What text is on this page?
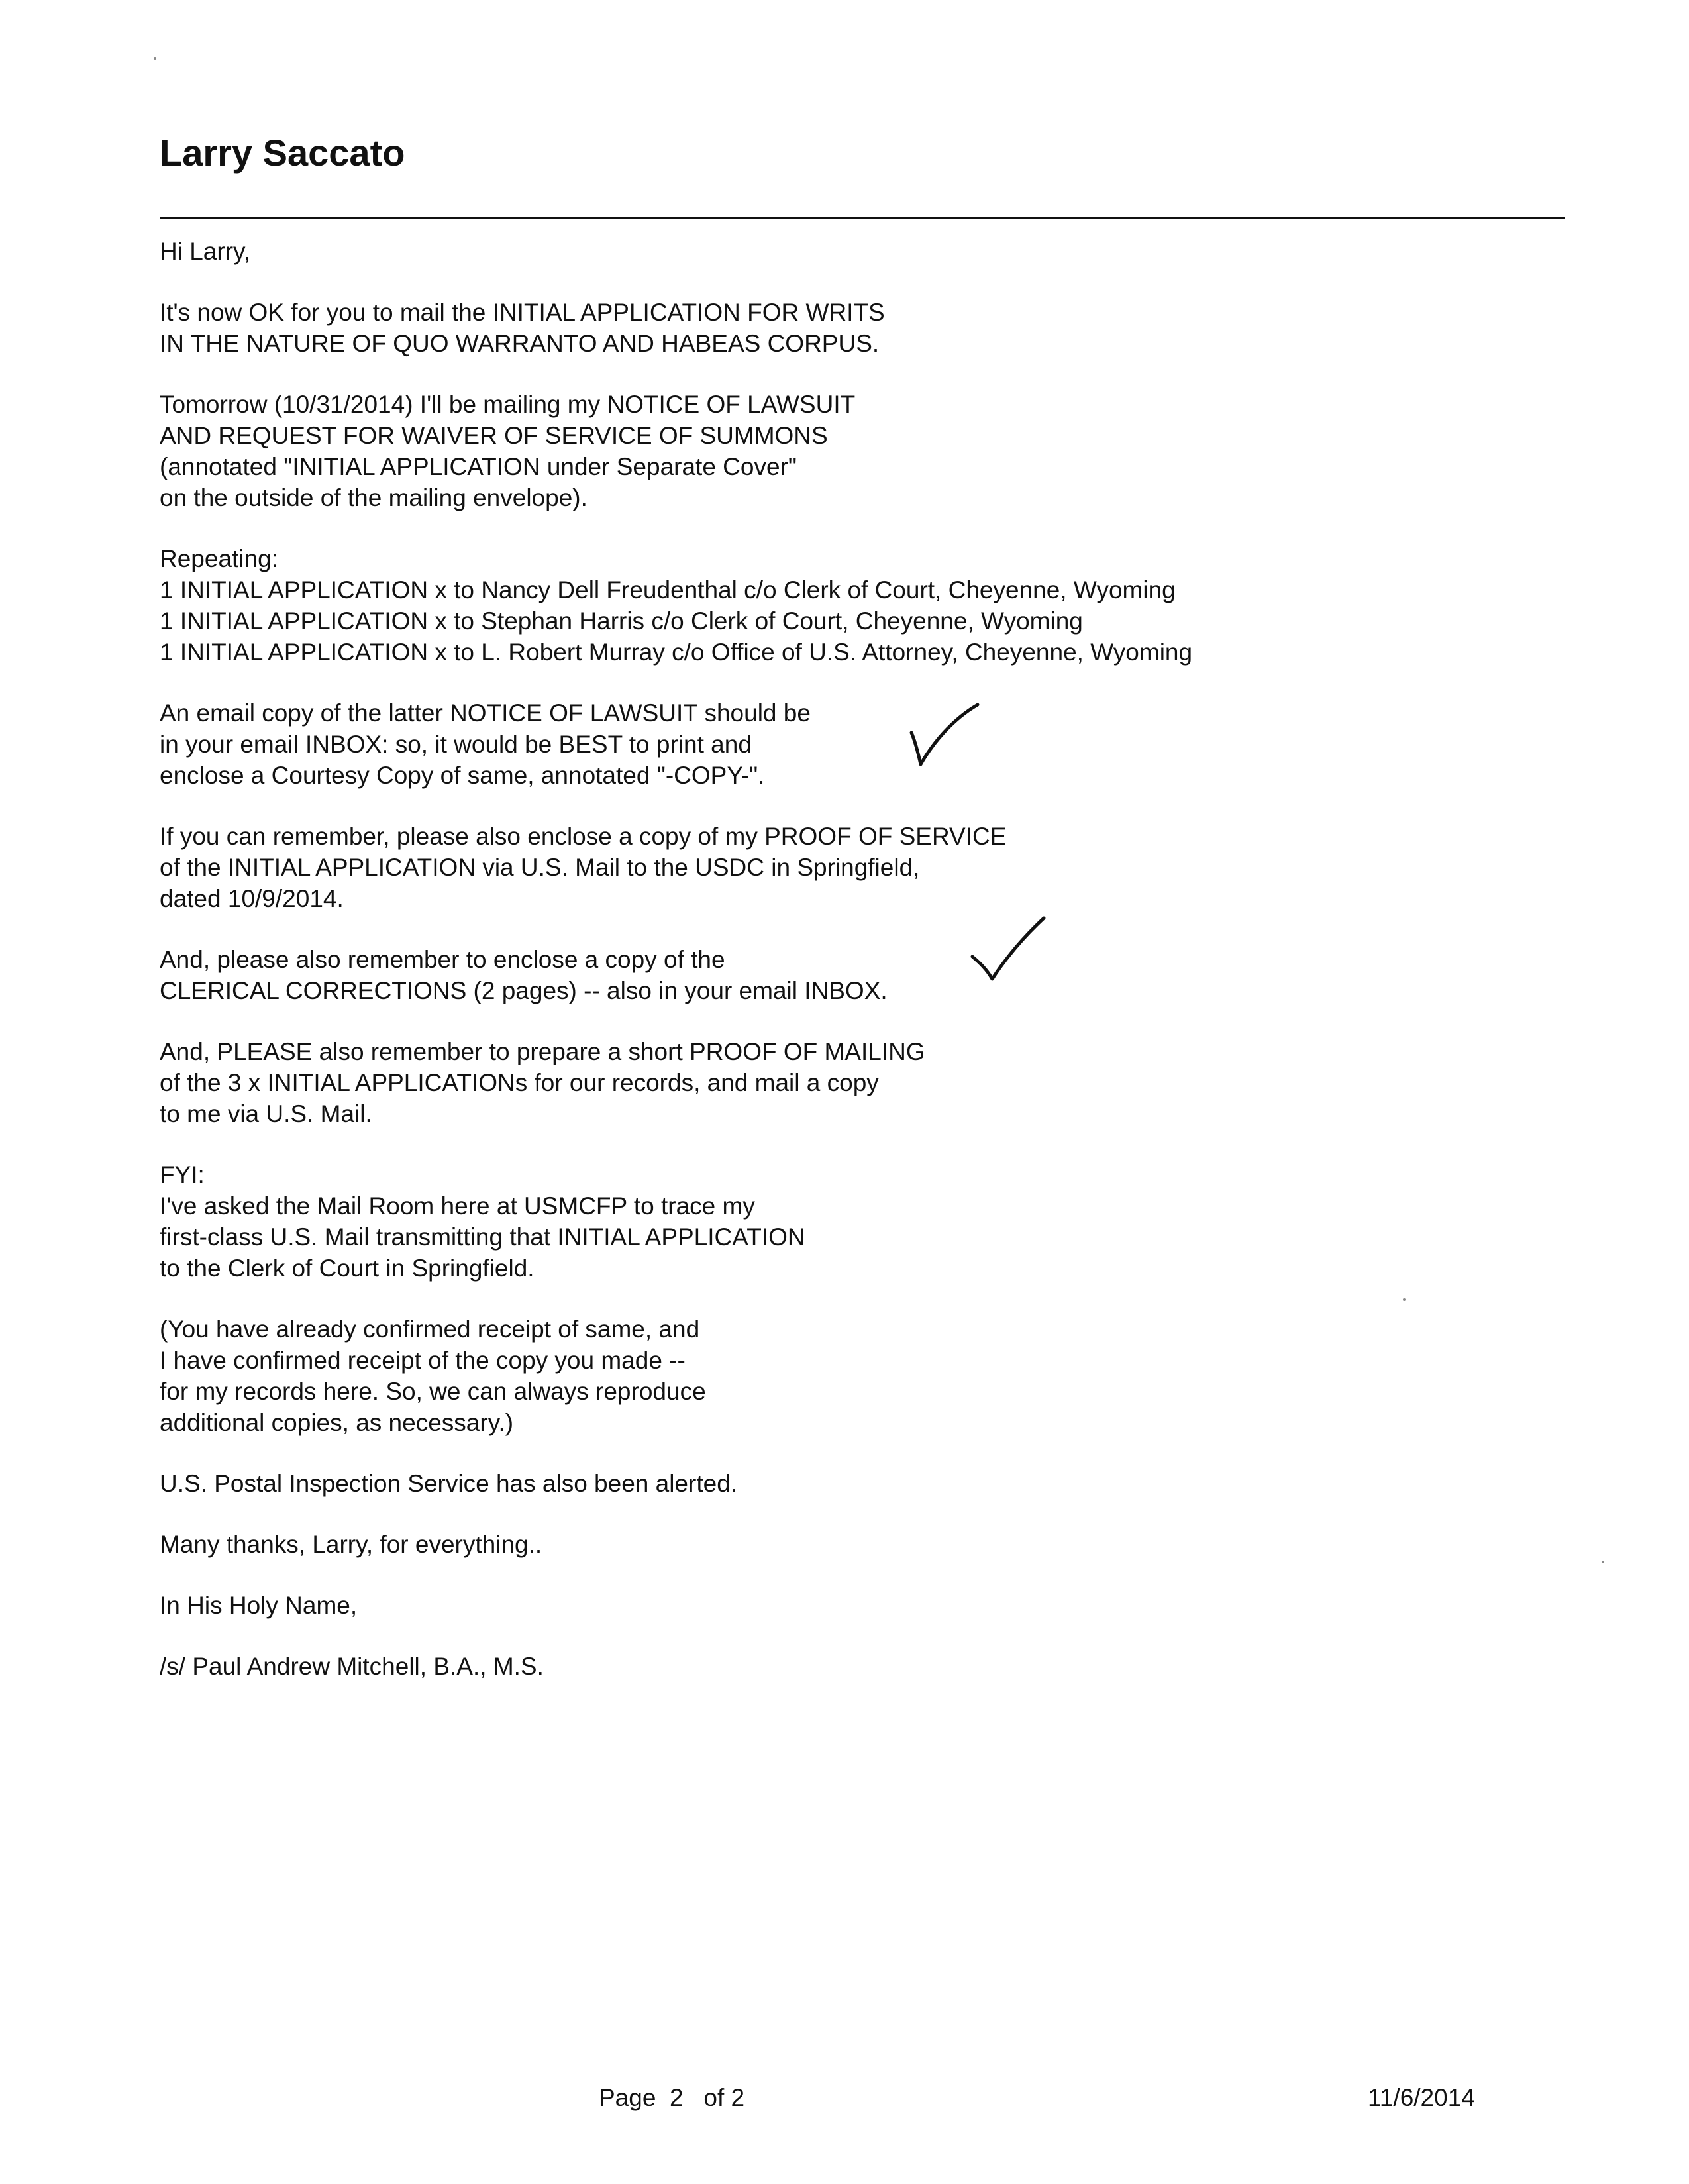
Larry Saccato

Hi Larry,

It's now OK for you to mail the INITIAL APPLICATION FOR WRITS
IN THE NATURE OF QUO WARRANTO AND HABEAS CORPUS.

Tomorrow (10/31/2014) I'll be mailing my NOTICE OF LAWSUIT
AND REQUEST FOR WAIVER OF SERVICE OF SUMMONS
(annotated "INITIAL APPLICATION under Separate Cover"
on the outside of the mailing envelope).

Repeating:
1 INITIAL APPLICATION x to Nancy Dell Freudenthal c/o Clerk of Court, Cheyenne, Wyoming
1 INITIAL APPLICATION x to Stephan Harris c/o Clerk of Court, Cheyenne, Wyoming
1 INITIAL APPLICATION x to L. Robert Murray c/o Office of U.S. Attorney, Cheyenne, Wyoming

An email copy of the latter NOTICE OF LAWSUIT should be
in your email INBOX: so, it would be BEST to print and
enclose a Courtesy Copy of same, annotated "-COPY-".

If you can remember, please also enclose a copy of my PROOF OF SERVICE
of the INITIAL APPLICATION via U.S. Mail to the USDC in Springfield,
dated 10/9/2014.

And, please also remember to enclose a copy of the
CLERICAL CORRECTIONS (2 pages) -- also in your email INBOX.

And, PLEASE also remember to prepare a short PROOF OF MAILING
of the 3 x INITIAL APPLICATIONs for our records, and mail a copy
to me via U.S. Mail.

FYI:
I've asked the Mail Room here at USMCFP to trace my
first-class U.S. Mail transmitting that INITIAL APPLICATION
to the Clerk of Court in Springfield.

(You have already confirmed receipt of same, and
I have confirmed receipt of the copy you made --
for my records here. So, we can always reproduce
additional copies, as necessary.)

U.S. Postal Inspection Service has also been alerted.

Many thanks, Larry, for everything..

In His Holy Name,

/s/ Paul Andrew Mitchell, B.A., M.S.

Page  2   of 2	11/6/2014
